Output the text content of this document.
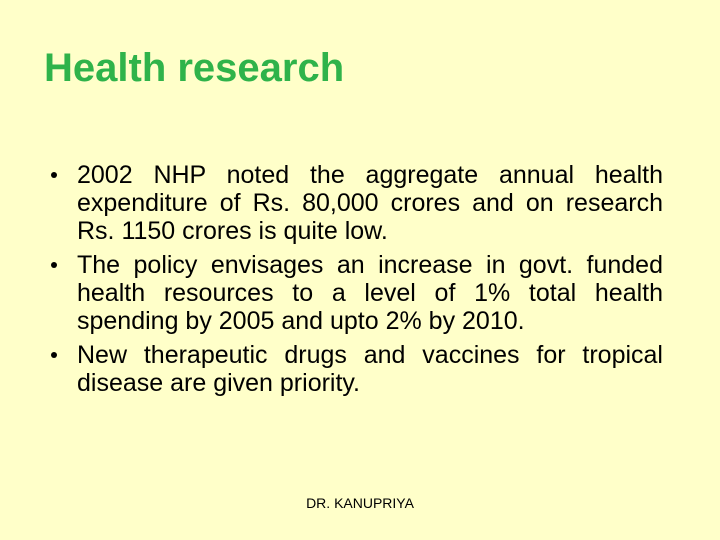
Health research
2002 NHP noted the aggregate annual health expenditure of Rs. 80,000 crores and on research Rs. 1150 crores is quite low.
The policy envisages an increase in govt. funded health resources to a level of 1% total health spending by 2005 and upto 2% by 2010.
New therapeutic drugs and vaccines for tropical disease are given priority.
DR. KANUPRIYA
